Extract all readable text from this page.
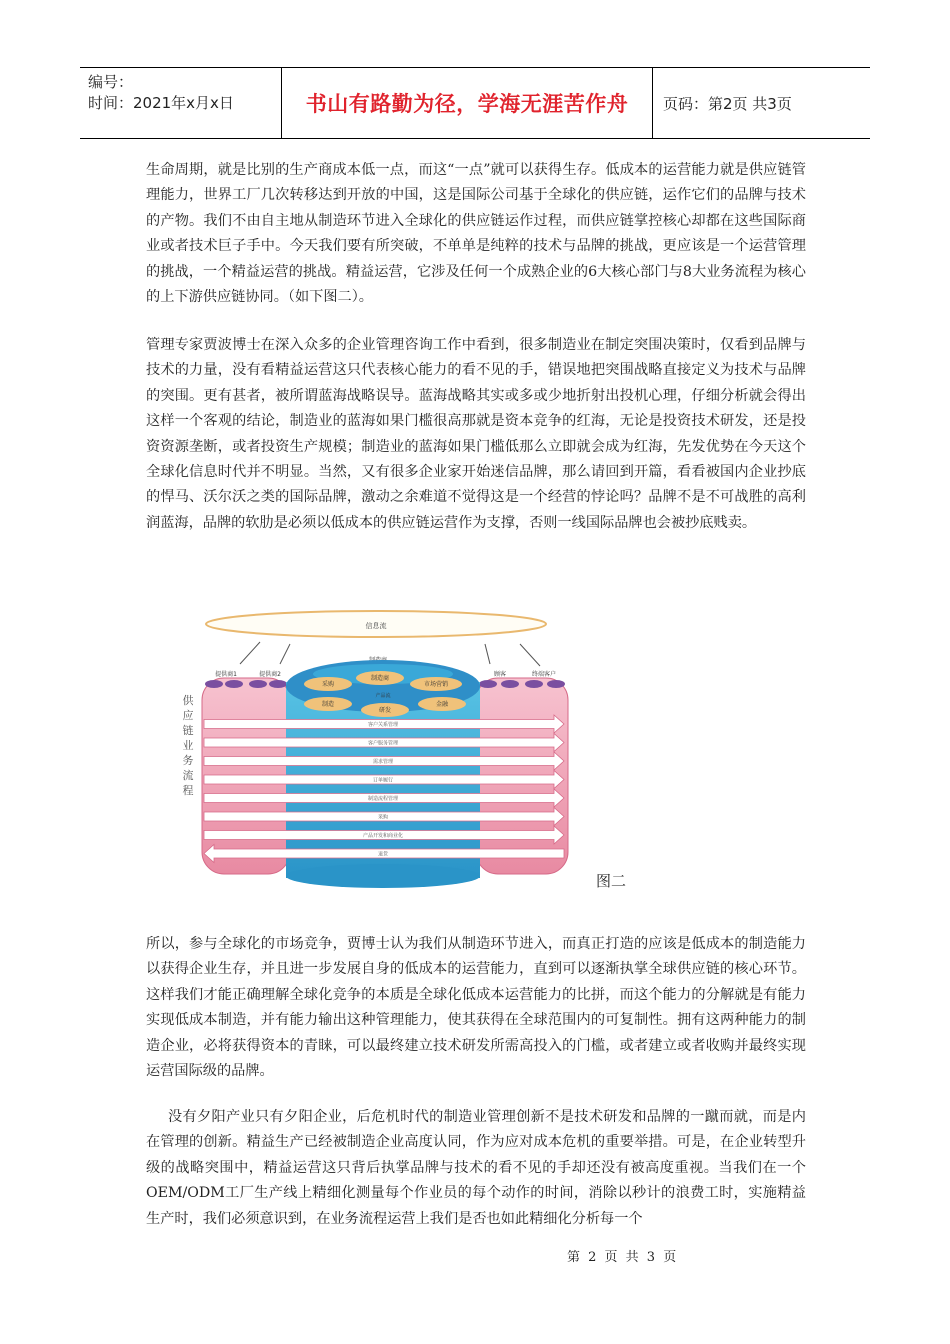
编号：
时间：2021年x月x日	书山有路勤为径，学海无涯苦作舟	页码：第2页 共3页

生命周期，就是比别的生产商成本低一点，而这“一点”就可以获得生存。低成本的运营能力就是供应链管理能力，世界工厂几次转移达到开放的中国，这是国际公司基于全球化的供应链，运作它们的品牌与技术的产物。我们不由自主地从制造环节进入全球化的供应链运作过程，而供应链掌控核心却都在这些国际商业或者技术巨子手中。今天我们要有所突破，不单单是纯粹的技术与品牌的挑战，更应该是一个运营管理的挑战，一个精益运营的挑战。精益运营，它涉及任何一个成熟企业的6大核心部门与8大业务流程为核心的上下游供应链协同。（如下图二）。

管理专家贾波博士在深入众多的企业管理咨询工作中看到，很多制造业在制定突围决策时，仅看到品牌与技术的力量，没有看精益运营这只代表核心能力的看不见的手，错误地把突围战略直接定义为技术与品牌的突围。更有甚者，被所谓蓝海战略误导。蓝海战略其实或多或少地折射出投机心理，仔细分析就会得出这样一个客观的结论，制造业的蓝海如果门槛很高那就是资本竞争的红海，无论是投资技术研发，还是投资资源垄断，或者投资生产规模；制造业的蓝海如果门槛低那么立即就会成为红海，先发优势在今天这个全球化信息时代并不明显。当然，又有很多企业家开始迷信品牌，那么请回到开篇，看看被国内企业抄底的悍马、沃尔沃之类的国际品牌，激动之余难道不觉得这是一个经营的悖论吗？品牌不是不可战胜的高利润蓝海，品牌的软肋是必须以低成本的供应链运营作为支撑，否则一线国际品牌也会被抄底贱卖。

信息流
提供商1	提供商2	顾客	终端客户
采购
制造商
市场营销
产品流
制造	金融
研发
供
应
链
业
务
流
程
客户关系管理
客户服务管理
需求管理
订单履行
制造流程管理
采购
产品开发和商业化
退货
图二

所以，参与全球化的市场竞争，贾博士认为我们从制造环节进入，而真正打造的应该是低成本的制造能力以获得企业生存，并且进一步发展自身的低成本的运营能力，直到可以逐渐执掌全球供应链的核心环节。这样我们才能正确理解全球化竞争的本质是全球化低成本运营能力的比拼，而这个能力的分解就是有能力实现低成本制造，并有能力输出这种管理能力，使其获得在全球范围内的可复制性。拥有这两种能力的制造企业，必将获得资本的青睐，可以最终建立技术研发所需高投入的门槛，或者建立或者收购并最终实现运营国际级的品牌。

没有夕阳产业只有夕阳企业，后危机时代的制造业管理创新不是技术研发和品牌的一蹴而就，而是内在管理的创新。精益生产已经被制造企业高度认同，作为应对成本危机的重要举措。可是，在企业转型升级的战略突围中，精益运营这只背后执掌品牌与技术的看不见的手却还没有被高度重视。当我们在一个OEM/ODM工厂生产线上精细化测量每个作业员的每个动作的时间，消除以秒计的浪费工时，实施精益生产时，我们必须意识到，在业务流程运营上我们是否也如此精细化分析每一个

第 2 页 共 3 页
